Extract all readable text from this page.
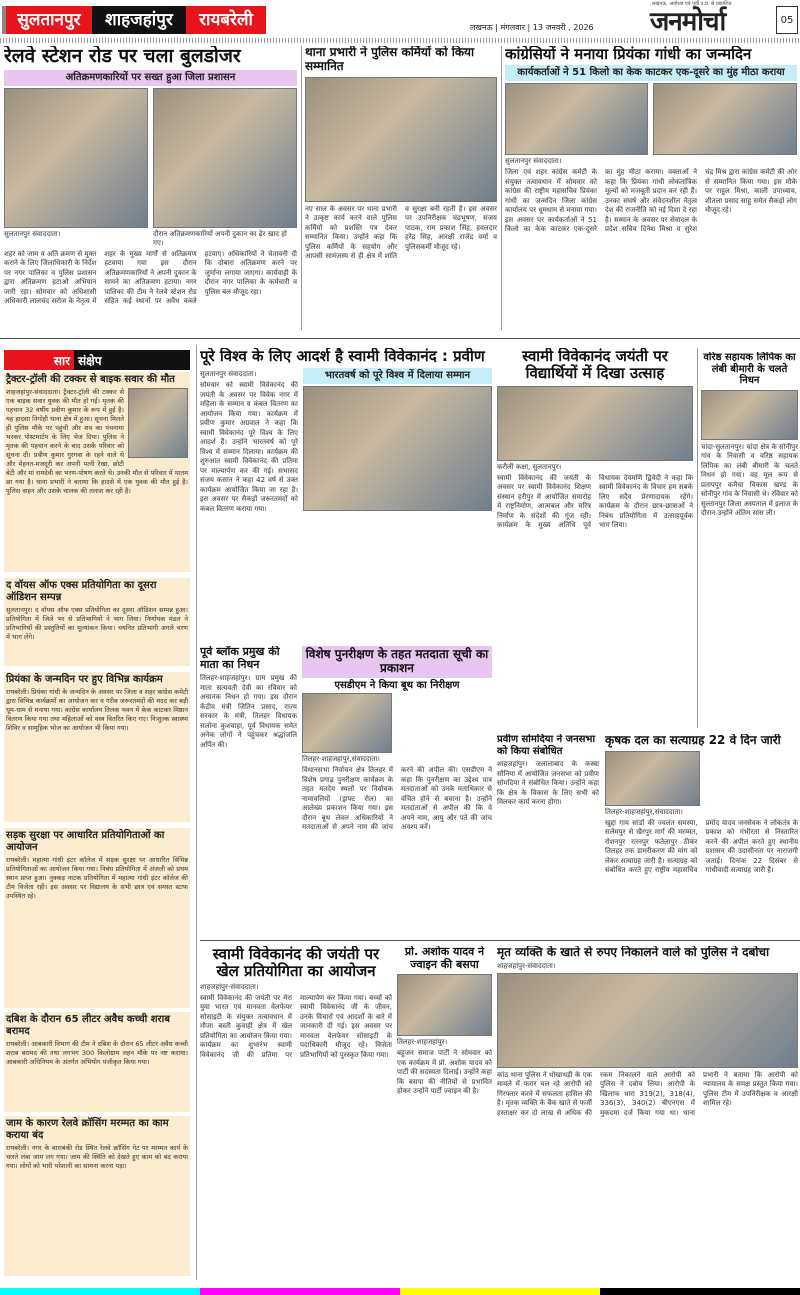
सुलतानपुर	शाहजहांपुर	रायबरेली	लखनऊ | मंगलवार | 13 जनवरी , 2026
लखनऊ, अयोध्या एवं पूर्वी उ.प्र. से प्रकाशित
जनमोर्चा	05
रेलवे स्टेशन रोड पर चला बुलडोजर
अतिक्रमणकारियों पर सख्त हुआ जिला प्रशासन
सुलतानपुर संवाददाता।	दौरान अतिक्रमणकारियों अपनी दुकान का ढ़ेर खाद हो गए।
शहर को जाम व अति क्रमण से मुक्त कराने के लिए जिलाधिकारी के निर्देश पर नगर पालिका व पुलिस प्रशासन द्वारा अतिक्रमण हटाओ अभियान जारी रहा। सोमवार को अधिशासी अधिकारी लालचंद सरोज के नेतृत्व में शहर के मुख्य मार्गों से अतिक्रमण हटवाया गया इस दौरान अतिक्रमणकारियों ने अपनी दुकान के सामने का अतिक्रमण हटाया। नगर पालिका की टीम ने रेलवे स्टेशन रोड सहित कई स्थानों पर अवैध कब्जे हटवाए। अधिकारियों ने चेतावनी दी कि दोबारा अतिक्रमण करने पर जुर्माना लगाया जाएगा। कार्यवाही के दौरान नगर पालिका के कर्मचारी व पुलिस बल मौजूद रहा।
थाना प्रभारी ने पुलिस कर्मियों को किया सम्मानित
नए साल के अवसर पर थाना प्रभारी ने उत्कृष्ट कार्य करने वाले पुलिस कर्मियों को प्रशस्ति पत्र देकर सम्मानित किया। उन्होंने कहा कि पुलिस कर्मियों के सहयोग और आपसी सामंजस्य से ही क्षेत्र में शांति व सुरक्षा बनी रहती है। इस अवसर पर उपनिरीक्षक चंद्रभूषण, संजय पाठक, राम प्रकाश सिंह, हवलदार हरेंद्र सिंह, आरक्षी राजेंद्र वर्मा व पुलिसकर्मी मौजूद रहे।
कांग्रेसियों ने मनाया प्रियंका गांधी का जन्मदिन
कार्यकर्ताओं ने 51 किलो का केक काटकर एक-दूसरे का मुंह मीठा कराया
सुलतानपुर संवाददाता।
जिला एवं शहर कांग्रेस कमेटी के संयुक्त तत्वावधान में सोमवार को कांग्रेस की राष्ट्रीय महासचिव प्रियंका गांधी का जन्मदिन जिला कांग्रेस कार्यालय पर धूमधाम से मनाया गया। इस अवसर पर कार्यकर्ताओं ने 51 किलो का केक काटकर एक-दूसरे का मुंह मीठा कराया। वक्ताओं ने कहा कि प्रियंका गांधी लोकतांत्रिक मूल्यों को मजबूती प्रदान कर रही हैं। उनका संघर्ष और संवेदनशील नेतृत्व देश की राजनीति को नई दिशा दे रहा है। सम्मान के अवसर पर सेवादल के प्रदेश सचिव दिनेश मिश्रा व सुरेश चंद्र मिश्र द्वारा कांग्रेस कमेटी की ओर से सम्मानित किया गया। इस मौके पर राहुल मिश्रा, काली उपाध्याय, शीतला प्रसाद साहू समेत सैकड़ों लोग मौजूद रहे।
सार संक्षेप
ट्रैक्टर-ट्रॉली की टक्कर से बाइक सवार की मौत
शाहजहांपुर-संवाददाता। ट्रैक्टर-ट्रॉली की टक्कर से एक बाइक सवार युवक की मौत हो गई। मृतक की पहचान 32 वर्षीय प्रवीण कुमार के रूप में हुई है। यह हादसा निगोही थाना क्षेत्र में हुआ। सूचना मिलते ही पुलिस मौके पर पहुंची और शव का पंचनामा भरकर पोस्टमार्टम के लिए भेज दिया। पुलिस ने मृतक की पहचान करने के बाद उसके परिवार को सूचना दी। प्रवीण कुमार गुरगवा के रहने वाले थे और मेहनत-मजदूरी कर अपनी पत्नी रेखा, छोटी बेटी और मां रामदेवी का भरण-पोषण करते थे। उनकी मौत से परिवार में मातम छा गया है। थाना प्रभारी ने बताया कि हादसे में एक युवक की मौत हुई है। पुलिस वाहन और उसके चालक की तलाश कर रही है।
द वॉयस ऑफ एक्स प्रतियोगिता का दूसरा ऑडिशन सम्पन्न
सुलतानपुर। द वॉयस ऑफ एक्स प्रतियोगिता का दूसरा ऑडिशन सम्पन्न हुआ। प्रतियोगिता में जिले भर से प्रतिभागियों ने भाग लिया। निर्णायक मंडल ने प्रतिभागियों की प्रस्तुतियों का मूल्यांकन किया। चयनित प्रतिभागी अगले चरण में भाग लेंगे।
प्रियंका के जन्मदिन पर हुए विभिन्न कार्यक्रम
रायबरेली। प्रियंका गांधी के जन्मदिन के अवसर पर जिला व शहर कांग्रेस कमेटी द्वारा विभिन्न कार्यक्रमों का आयोजन कर व गरीब जरूरतमंदों की मदद कर बड़ी धूम-धाम से मनाया गया। कांग्रेस कार्यालय तिलक भवन में केक काटकर मिष्ठान वितरण किया गया तथा महिलाओं को वस्त्र वितरित किए गए। निःशुल्क स्वास्थ्य शिविर व सामूहिक भोज का आयोजन भी किया गया।
सड़क सुरक्षा पर आधारित प्रतियोगिताओं का आयोजन
रायबरेली। महात्मा गांधी इंटर कॉलेज में सड़क सुरक्षा पर आधारित विभिन्न प्रतियोगिताओं का आयोजन किया गया। निबंध प्रतियोगिता में अंजली को प्रथम स्थान प्राप्त हुआ। नुक्कड़ नाटक प्रतियोगिता में महात्मा गांधी इंटर कॉलेज की टीम विजेता रही। इस अवसर पर विद्यालय के सभी छात्र एवं समस्त स्टाफ उपस्थित रहे।
दबिश के दौरान 65 लीटर अवैध कच्ची शराब बरामद
रायबरेली। आबकारी विभाग की टीम ने दबिश के दौरान 65 लीटर अवैध कच्ची शराब बरामद की तथा लगभग 300 किलोग्राम लहन मौके पर नष्ट कराया। आबकारी अधिनियम के अंतर्गत अभियोग पंजीकृत किया गया।
जाम के कारण रेलवे क्रॉसिंग मरम्मत का काम कराया बंद
रायबरेली। नगर के बाराबंकी रोड स्थित रेलवे क्रॉसिंग गेट पर मरम्मत कार्य के चलते लंबा जाम लग गया। जाम की स्थिति को देखते हुए काम को बंद कराया गया। लोगों को भारी परेशानी का सामना करना पड़ा।
पूरे विश्व के लिए आदर्श है स्वामी विवेकानंद : प्रवीण
सुलतानपुर संवाददाता।
सोमवार को स्वामी विवेकानंद की जयंती के अवसर पर विवेक नगर में महिला के सम्मान व कंबल वितरण का आयोजन किया गया। कार्यक्रम में प्रवीण कुमार अग्रवाल ने कहा कि स्वामी विवेकानंद पूरे विश्व के लिए आदर्श हैं। उन्होंने भारतवर्ष को पूरे विश्व में सम्मान दिलाया। कार्यक्रम की शुरुआत स्वामी विवेकानंद की प्रतिमा पर माल्यार्पण कर की गई। सभासद संजय कसान ने कहा 42 वर्ष से उक्त कार्यक्रम आयोजित किया जा रहा है। इस अवसर पर सैकड़ों जरूरतमंदों को कंबल वितरण कराया गया।
भारतवर्ष को पूरे विश्व में दिलाया सम्मान
पूर्व ब्लॉक प्रमुख की माता का निधन
तिलहर-शाहजहांपुर। ग्राम प्रमुख की माता सत्यवती देवी का रविवार को अचानक निधन हो गया। इस दौरान केंद्रीय मंत्री जितिन प्रसाद, राज्य सरकार के मंत्री, तिलहर विधायक सलोना कुशवाहा, पूर्व विधायक समेत अनेक लोगों ने पहुंचकर श्रद्धांजलि अर्पित की।
विशेष पुनरीक्षण के तहत मतदाता सूची का प्रकाशन
एसडीएम ने किया बूथ का निरीक्षण
तिलहर-शाहजहांपुर,संवाददाता।
विधानसभा निर्वाचन क्षेत्र तिलहर में विशेष प्रगाढ़ पुनरीक्षण कार्यक्रम के तहत मतदेय स्थलों पर निर्वाचक नामावलियों (ड्राफ्ट रोल) का आलेख्य प्रकाशन किया गया। इस दौरान बूथ लेवल अधिकारियों ने मतदाताओं से अपने नाम की जांच करने की अपील की। एसडीएम ने कहा कि पुनरीक्षण का उद्देश्य पात्र मतदाताओं को उनके मताधिकार से वंचित होने से बचाना है। उन्होंने मतदाताओं से अपील की कि वे अपने नाम, आयु और पते की जांच अवश्य करें।
स्वामी विवेकानंद जयंती पर विद्यार्थियों में दिखा उत्साह
करौली कक्षा, सुलतानपुर।
स्वामी विवेकानंद की जयंती के अवसर पर स्वामी विवेकानंद शिक्षण संस्थान हरीपुर में आयोजित समारोह में राष्ट्रनिर्माण, आत्मबल और चरित्र निर्माण के संदेशों की गूंज रही। कार्यक्रम के मुख्य अतिथि पूर्व विधायक देवमणि द्विवेदी ने कहा कि स्वामी विवेकानंद के विचार हम सबके लिए सदैव प्रेरणादायक रहेंगे। कार्यक्रम के दौरान छात्र-छात्राओं ने निबंध प्रतियोगिता में उत्साहपूर्वक भाग लिया।
वरिष्ठ सहायक लिपिक का लंबी बीमारी के चलते निधन
चांदा-सुलतानपुर। चांदा क्षेत्र के सोनीपुर गांव के निवासी व वरिष्ठ सहायक लिपिक का लंबी बीमारी के चलते निधन हो गया। वह मूल रूप से प्रतापपुर कमैचा विकास खण्ड के सोनीपुर गांव के निवासी थे। रविवार को सुल्तानपुर जिला अस्पताल में इलाज के दौरान उन्होंने अंतिम सांस ली।
प्रवीण सोमदिया ने जनसभा को किया संबोधित
शाहजहांपुर। जलालाबाद के कस्बा सौनिया में आयोजित जनसभा को प्रवीण सोमदिया ने संबोधित किया। उन्होंने कहा कि क्षेत्र के विकास के लिए सभी को मिलकर कार्य करना होगा।
कृषक दल का सत्याग्रह 22 वे दिन जारी
तिलहर-शाहजहांपुर,संवाददाता।
खुद्दा गाय सांडों की ज्वलंत समस्या, सलेमपुर से खैरपुर मार्ग की मरम्मत, रोशनपुर रतनपुर फतेलापुर ठीकर तिलहर तक डामरीकरण की मांग को लेकर सत्याग्रह जारी है। सत्याग्रह को संबोधित करते हुए राष्ट्रीय महासचिव प्रमोद यादव जनसेवक ने लोकतंत्र के प्रकाश को गंभीरता से निस्तारित करने की अपील करते हुए स्थानीय प्रशासन की उदासीनता पर नाराजगी जताई। दिनांक 22 दिसंबर से गांधीवादी सत्याग्रह जारी है।
स्वामी विवेकानंद की जयंती पर खेल प्रतियोगिता का आयोजन
शाहजहांपुर-संवाददाता।
स्वामी विवेकानंद की जयंती पर मेरा युवा भारत एवं मानवता वेलफेयर सोसाइटी के संयुक्त तत्वावधान में मौजा बस्ती कुवाही क्षेत्र में खेल प्रतियोगिता का आयोजन किया गया। कार्यक्रम का शुभारंभ स्वामी विवेकानंद जी की प्रतिमा पर माल्यार्पण कर किया गया। बच्चों को स्वामी विवेकानंद जी के जीवन, उनके विचारों एवं आदर्शों के बारे में जानकारी दी गई। इस अवसर पर मानवता वेलफेयर सोसाइटी के पदाधिकारी मौजूद रहे। विजेता प्रतिभागियों को पुरस्कृत किया गया।
प्रो. अशोक यादव ने ज्वाइन की बसपा
तिलहर-शाहजहांपुर।
बहुजन समाज पार्टी ने सोमवार को एक कार्यक्रम में प्रो. अशोक यादव को पार्टी की सदस्यता दिलाई। उन्होंने कहा कि बसपा की नीतियों से प्रभावित होकर उन्होंने पार्टी ज्वाइन की है।
मृत व्यक्ति के खाते से रुपए निकालने वाले को पुलिस ने दबोचा
शाहजहांपुर-संवाददाता।
कांठ थाना पुलिस ने धोखाधड़ी के एक मामले में फरार चल रहे आरोपी को गिरफ्तार करने में सफलता हासिल की है। मृतक व्यक्ति के बैंक खाते से फर्जी हस्ताक्षर कर दो लाख से अधिक की रकम निकालने वाले आरोपी को पुलिस ने दबोच लिया। आरोपी के खिलाफ धारा 319(2), 318(4), 336(3), 340(2) बीएनएस में मुकदमा दर्ज किया गया था। थाना प्रभारी ने बताया कि आरोपी को न्यायालय के समक्ष प्रस्तुत किया गया। पुलिस टीम में उपनिरीक्षक व आरक्षी शामिल रहे।
